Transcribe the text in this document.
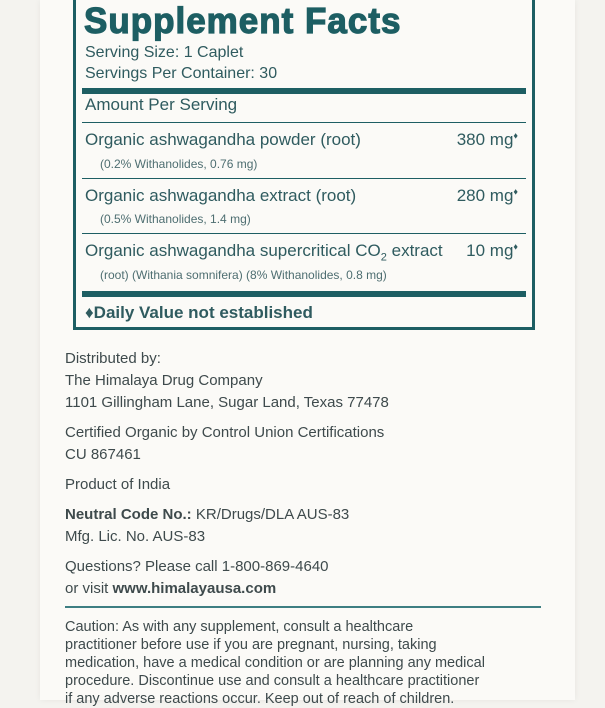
Supplement Facts
Serving Size: 1 Caplet
Servings Per Container: 30
Amount Per Serving
Organic ashwagandha powder (root)	380 mg♦
(0.2% Withanolides, 0.76 mg)
Organic ashwagandha extract (root)	280 mg♦
(0.5% Withanolides, 1.4 mg)
Organic ashwagandha supercritical $CO_2$ extract 10 mg♦
(root) (Withania somnifera) (8% Withanolides, 0.8 mg)
♦Daily Value not established
Distributed by:
The Himalaya Drug Company
1101 Gillingham Lane, Sugar Land, Texas 77478
Certified Organic by Control Union Certifications
CU 867461
Product of India
Neutral Code No.: KR/Drugs/DLA AUS-83
Mfg. Lic. No. AUS-83
Questions? Please call 1-800-869-4640
or visit www.himalayausa.com

Caution: As with any supplement, consult a healthcare

practitioner before use if you are pregnant, nursing, taking

medication, have a medical condition or are planning any medical

procedure. Discontinue use and consult a healthcare practitioner

if any adverse reactions occur. Keep out of reach of children.
